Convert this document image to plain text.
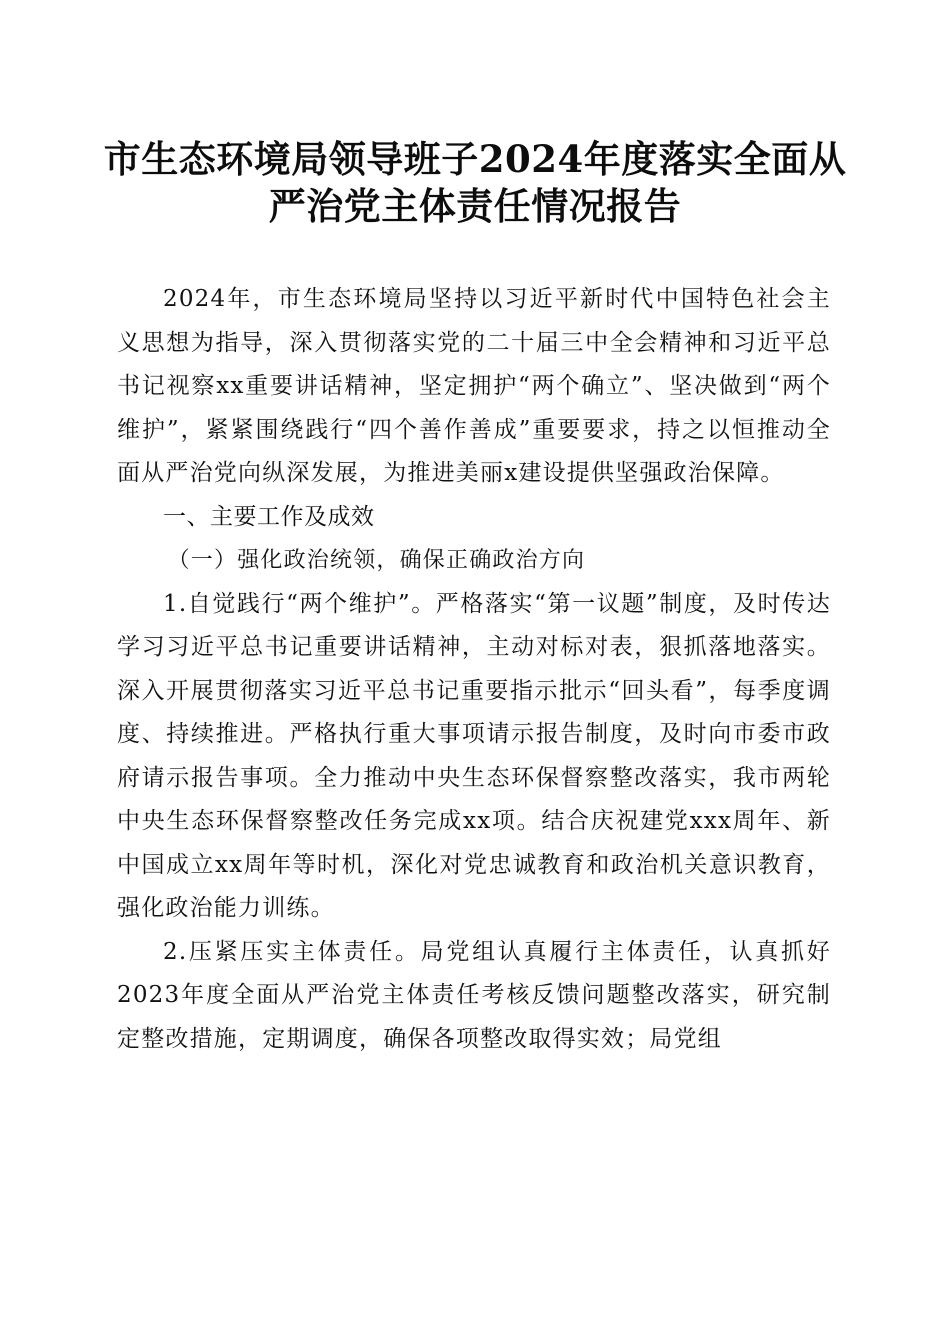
市生态环境局领导班子2024年度落实全面从
严治党主体责任情况报告

2024年，市生态环境局坚持以习近平新时代中国特色社会主义思想为指导，深入贯彻落实党的二十届三中全会精神和习近平总书记视察xx重要讲话精神，坚定拥护“两个确立”、坚决做到“两个维护”，紧紧围绕践行“四个善作善成”重要要求，持之以恒推动全面从严治党向纵深发展，为推进美丽x建设提供坚强政治保障。

一、主要工作及成效

（一）强化政治统领，确保正确政治方向

1.自觉践行“两个维护”。严格落实“第一议题”制度，及时传达学习习近平总书记重要讲话精神，主动对标对表，狠抓落地落实。深入开展贯彻落实习近平总书记重要指示批示“回头看”，每季度调度、持续推进。严格执行重大事项请示报告制度，及时向市委市政府请示报告事项。全力推动中央生态环保督察整改落实，我市两轮中央生态环保督察整改任务完成xx项。结合庆祝建党xxx周年、新中国成立xx周年等时机，深化对党忠诚教育和政治机关意识教育，强化政治能力训练。

2.压紧压实主体责任。局党组认真履行主体责任，认真抓好2023年度全面从严治党主体责任考核反馈问题整改落实，研究制定整改措施，定期调度，确保各项整改取得实效；局党组
